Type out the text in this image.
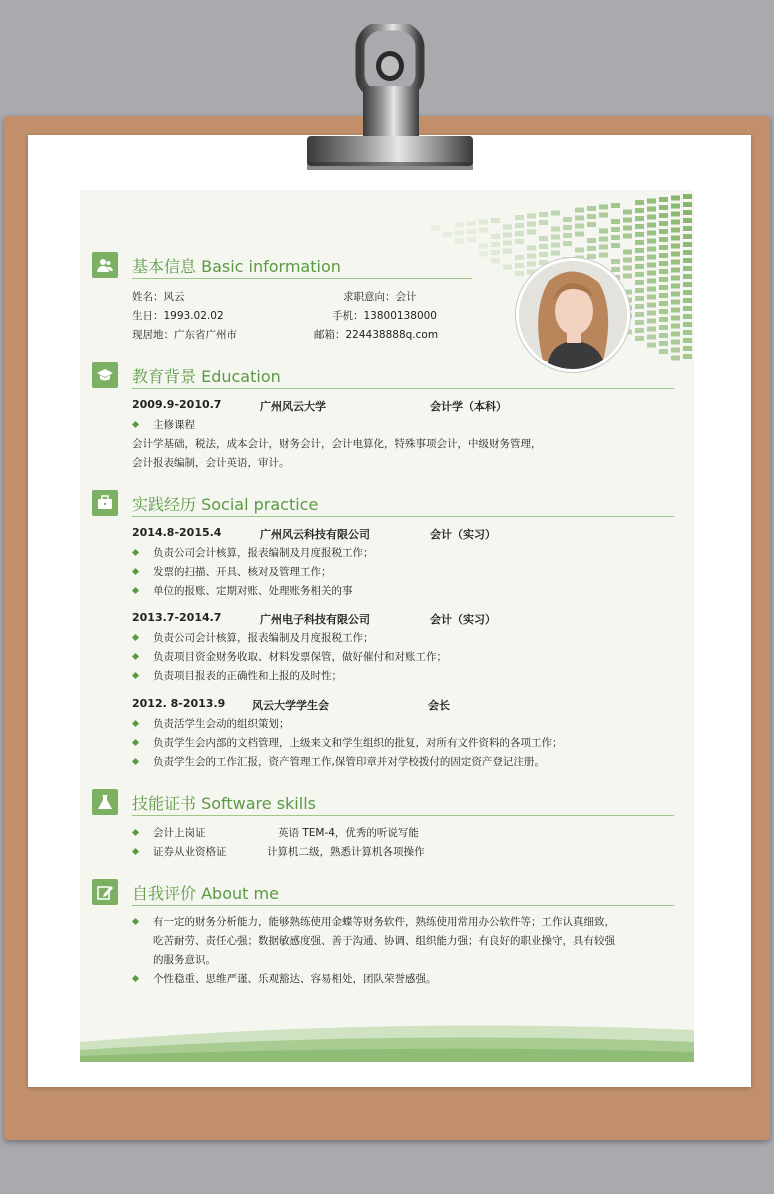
基本信息 Basic information
姓名：风云	求职意向：会计
生日：1993.02.02	手机：13800138000
现居地：广东省广州市	邮箱：224438888q.com
教育背景 Education
2009.9-2010.7	广州风云大学	会计学（本科）
主修课程
会计学基础，税法，成本会计，财务会计，会计电算化，特殊事项会计，中级财务管理，
会计报表编制，会计英语，审计。
实践经历 Social practice
2014.8-2015.4	广州风云科技有限公司	会计（实习）
负责公司会计核算，报表编制及月度报税工作；
发票的扫描、开具、核对及管理工作；
单位的报账、定期对账、处理账务相关的事
2013.7-2014.7	广州电子科技有限公司	会计（实习）
负责公司会计核算，报表编制及月度报税工作；
负责项目资金财务收取、材料发票保管，做好催付和对账工作；
负责项目报表的正确性和上报的及时性；
2012. 8-2013.9 风云大学学生会	会长
负责活学生会动的组织策划；
负责学生会内部的文档管理，上级来文和学生组织的批复，对所有文件资料的各项工作；
负责学生会的工作汇报，资产管理工作,保管印章并对学校拨付的固定资产登记注册。
技能证书 Software skills
会计上岗证	英语 TEM-4，优秀的听说写能
证券从业资格证	计算机二级，熟悉计算机各项操作
自我评价 About me
有一定的财务分析能力，能够熟练使用金蝶等财务软件，熟练使用常用办公软件等；工作认真细致，
吃苦耐劳、责任心强；数据敏感度强、善于沟通、协调、组织能力强；有良好的职业操守，具有较强
的服务意识。
个性稳重、思维严谨、乐观豁达、容易相处，团队荣誉感强。
